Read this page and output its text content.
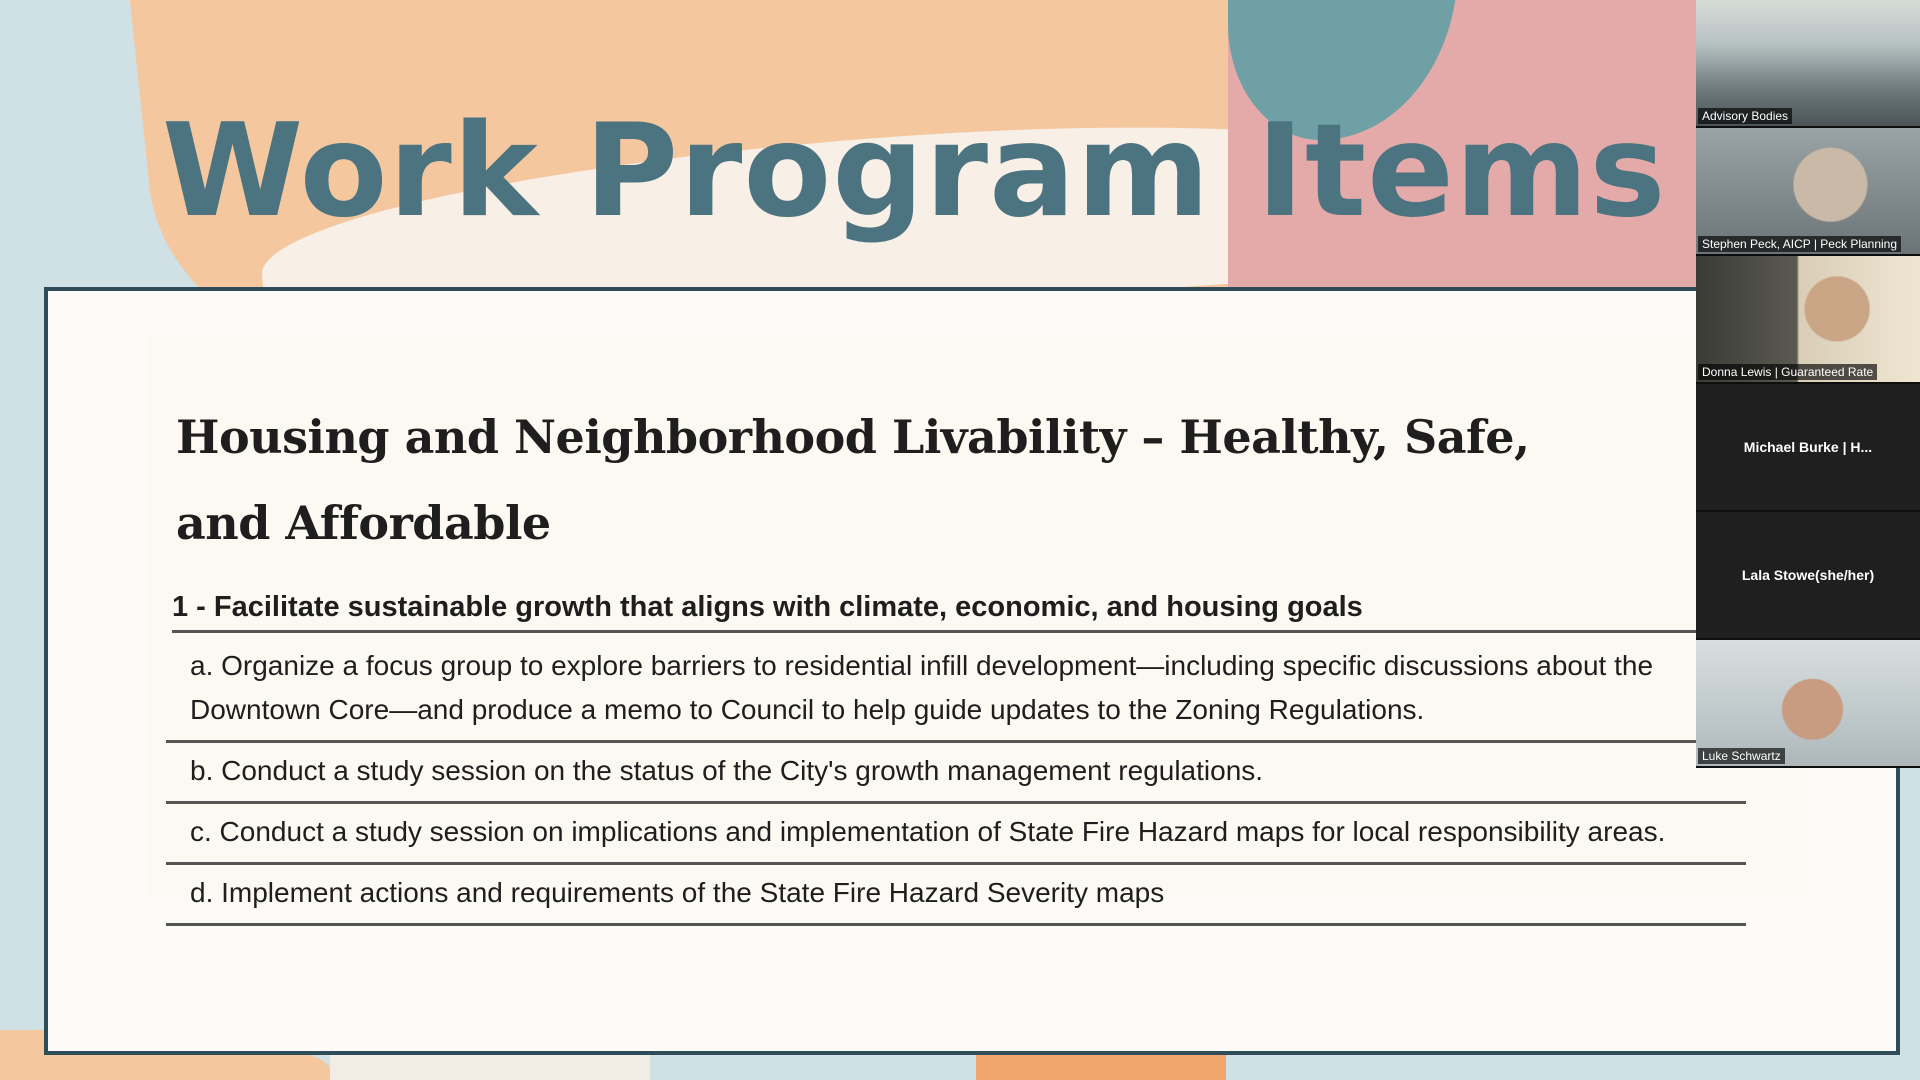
Work Program Items
Housing and Neighborhood Livability – Healthy, Safe, and Affordable
1 - Facilitate sustainable growth that aligns with climate, economic, and housing goals
a. Organize a focus group to explore barriers to residential infill development—including specific discussions about the Downtown Core—and produce a memo to Council to help guide updates to the Zoning Regulations.
b. Conduct a study session on the status of the City's growth management regulations.
c. Conduct a study session on implications and implementation of State Fire Hazard maps for local responsibility areas.
d. Implement actions and requirements of the State Fire Hazard Severity maps
Advisory Bodies
Stephen Peck, AICP | Peck Planning
Donna Lewis | Guaranteed Rate
Michael Burke | H...
Lala Stowe(she/her)
Luke Schwartz
